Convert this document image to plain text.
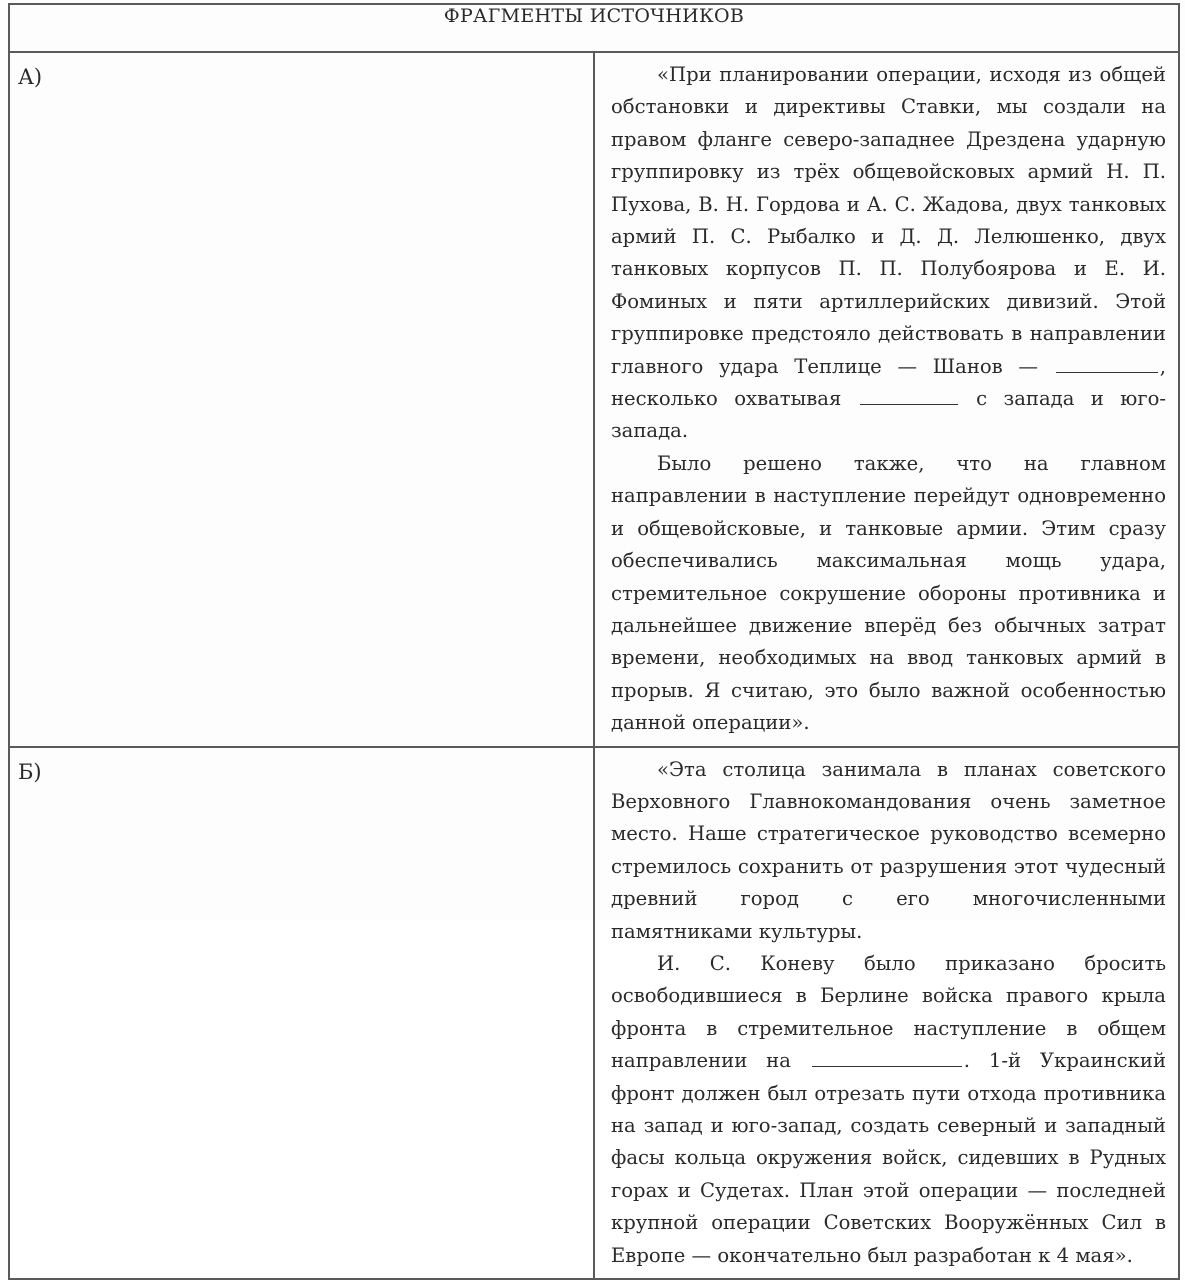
ФРАГМЕНТЫ ИСТОЧНИКОВ	
А)	«При планировании операции, исходя из общей обстановки и директивы Ставки, мы создали на правом фланге северо-западнее Дрездена ударную группировку из трёх общевойсковых армий Н. П. Пухова, В. Н. Гордова и А. С. Жадова, двух танковых армий П. С. Рыбалко и Д. Д. Лелюшенко, двух танковых корпусов П. П. Полубоярова и Е. И. Фоминых и пяти артиллерийских дивизий. Этой группировке предстояло действовать в направлении главного удара Теплице — Шанов — , несколько охватывая с запада и юго-запада.

Было решено также, что на главном направлении в наступление перейдут одновременно и общевойсковые, и танковые армии. Этим сразу обеспечивались максимальная мощь удара, стремительное сокрушение обороны противника и дальнейшее движение вперёд без обычных затрат времени, необходимых на ввод танковых армий в прорыв. Я считаю, это было важной особенностью данной операции».

Б)	«Эта столица занимала в планах советского Верховного Главнокомандования очень заметное место. Наше стратегическое руководство всемерно стремилось сохранить от разрушения этот чудесный древний город с его многочисленными памятниками культуры.

И. С. Коневу было приказано бросить освободившиеся в Берлине войска правого крыла фронта в стремительное наступление в общем направлении на . 1-й Украинский фронт должен был отрезать пути отхода противника на запад и юго-запад, создать северный и западный фасы кольца окружения войск, сидевших в Рудных горах и Судетах. План этой операции — последней крупной операции Советских Вооружённых Сил в Европе — окончательно был разработан к 4 мая».
